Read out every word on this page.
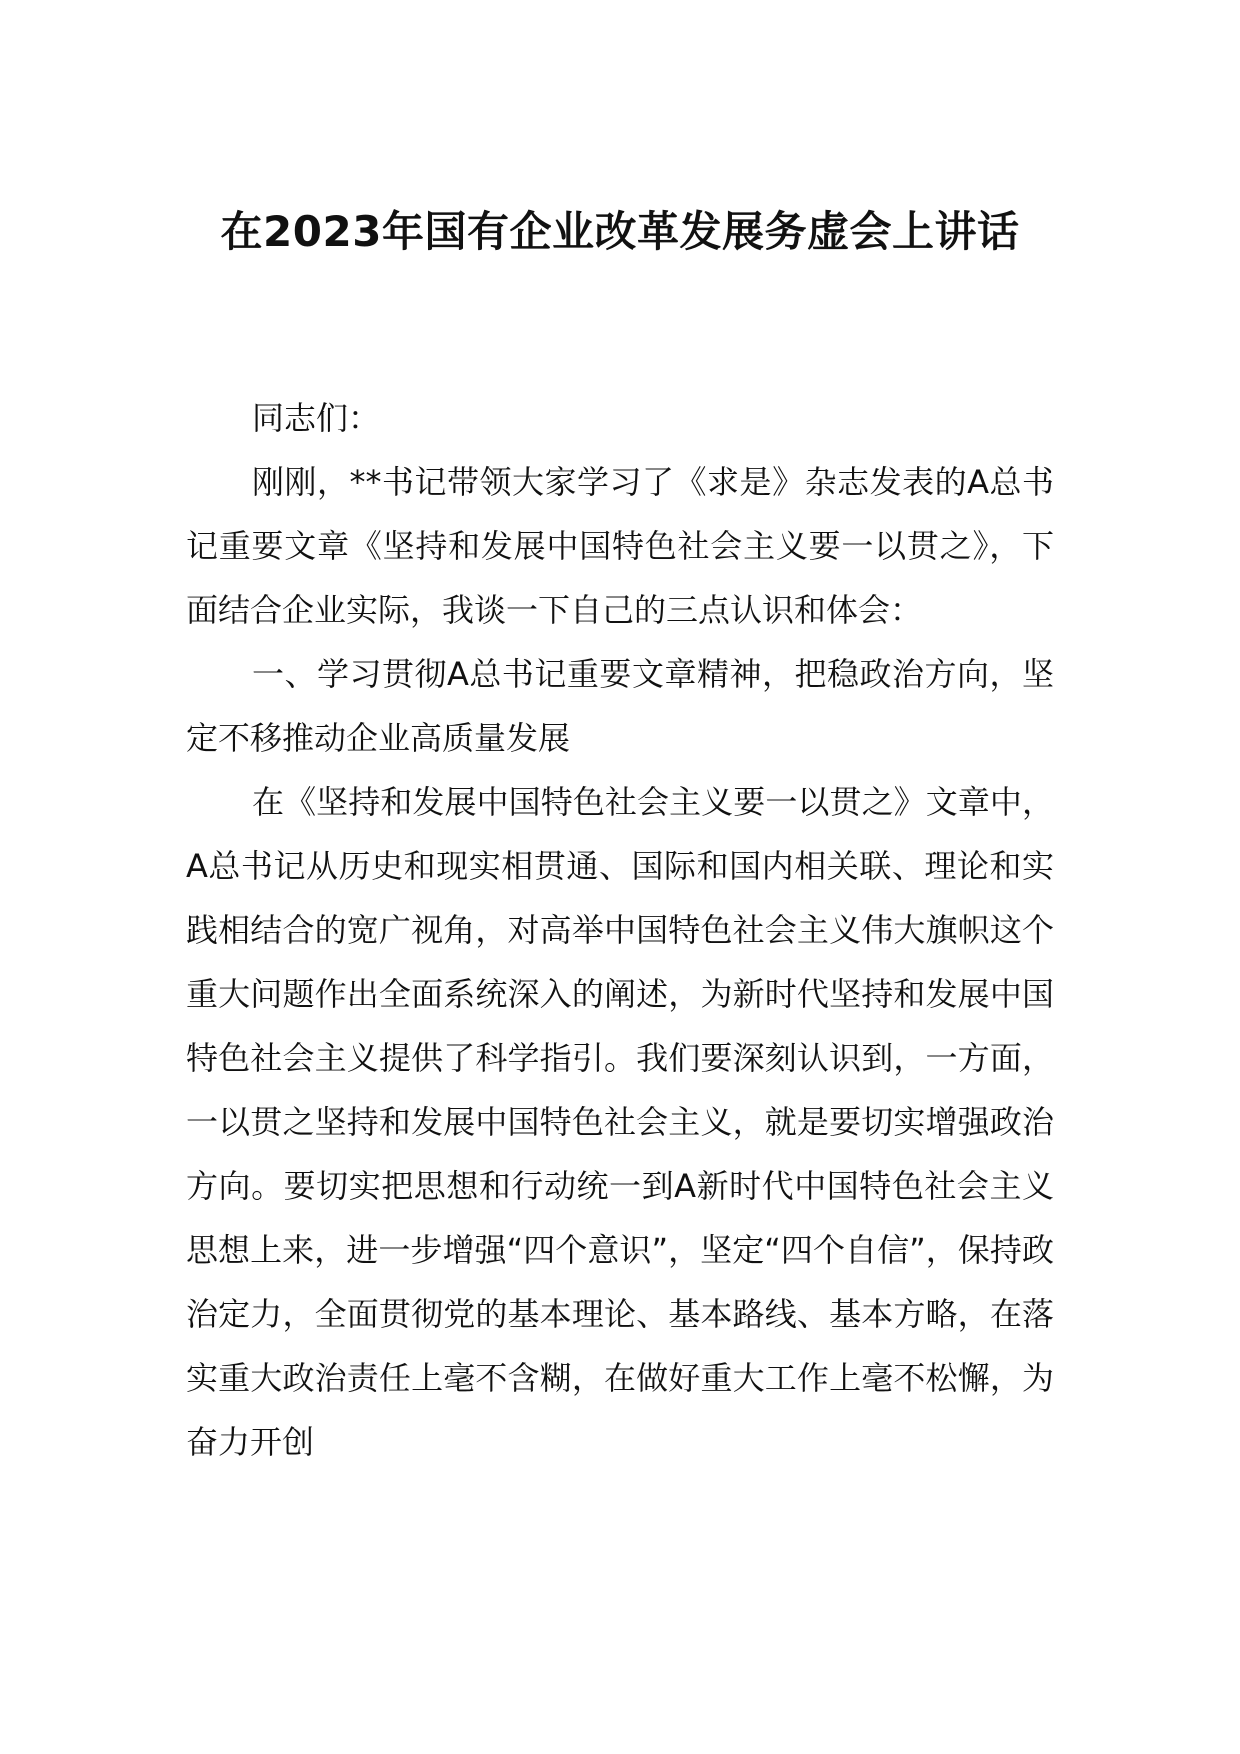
在2023年国有企业改革发展务虚会上讲话

同志们：

刚刚，**书记带领大家学习了《求是》杂志发表的A总书记重要文章《坚持和发展中国特色社会主义要一以贯之》，下面结合企业实际，我谈一下自己的三点认识和体会：

一、学习贯彻A总书记重要文章精神，把稳政治方向，坚定不移推动企业高质量发展

在《坚持和发展中国特色社会主义要一以贯之》文章中，A总书记从历史和现实相贯通、国际和国内相关联、理论和实践相结合的宽广视角，对高举中国特色社会主义伟大旗帜这个重大问题作出全面系统深入的阐述，为新时代坚持和发展中国特色社会主义提供了科学指引。我们要深刻认识到，一方面，一以贯之坚持和发展中国特色社会主义，就是要切实增强政治方向。要切实把思想和行动统一到A新时代中国特色社会主义思想上来，进一步增强“四个意识”，坚定“四个自信”，保持政治定力，全面贯彻党的基本理论、基本路线、基本方略，在落实重大政治责任上毫不含糊，在做好重大工作上毫不松懈，为奋力开创
